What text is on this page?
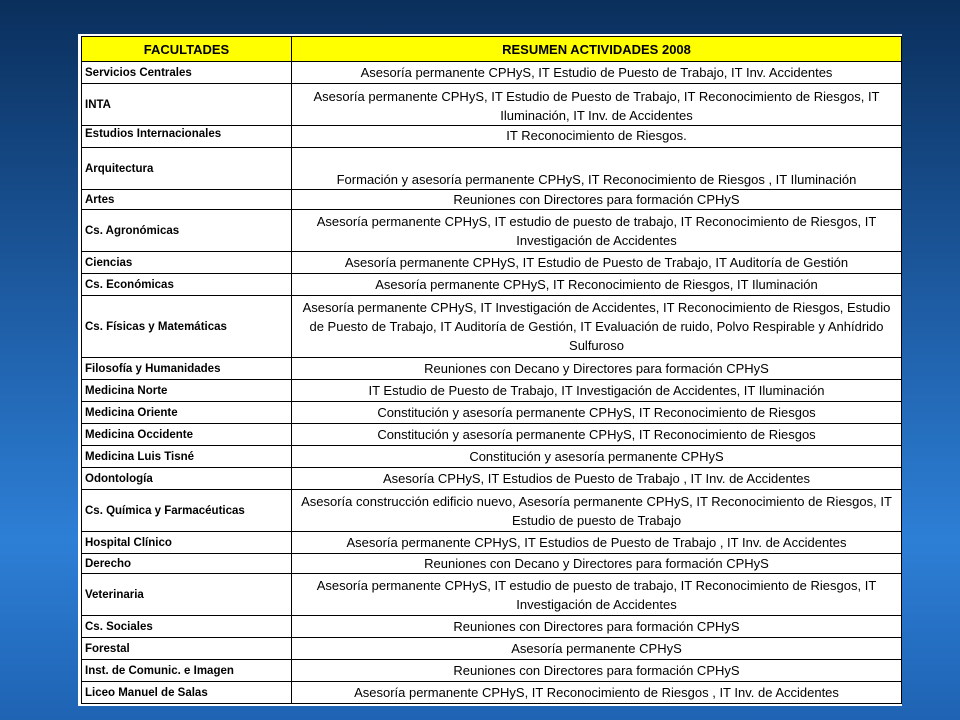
FACULTADES	RESUMEN ACTIVIDADES 2008
Servicios Centrales	Asesoría permanente CPHyS, IT Estudio de Puesto de Trabajo, IT Inv. Accidentes
INTA	Asesoría permanente CPHyS, IT Estudio de Puesto de Trabajo, IT Reconocimiento de Riesgos, IT Iluminación, IT Inv. de Accidentes
Estudios Internacionales	IT Reconocimiento de Riesgos.
Arquitectura	Formación y asesoría permanente CPHyS, IT Reconocimiento de Riesgos , IT Iluminación
Artes	Reuniones con Directores para formación CPHyS
Cs. Agronómicas	Asesoría permanente CPHyS, IT estudio de puesto de trabajo, IT Reconocimiento de Riesgos, IT Investigación de Accidentes
Ciencias	Asesoría permanente CPHyS, IT Estudio de Puesto de Trabajo, IT Auditoría de Gestión
Cs. Económicas	Asesoría permanente CPHyS, IT Reconocimiento de Riesgos, IT Iluminación
Cs. Físicas y Matemáticas	Asesoría permanente CPHyS, IT Investigación de Accidentes, IT Reconocimiento de Riesgos, Estudio de Puesto de Trabajo, IT Auditoría de Gestión, IT Evaluación de ruido, Polvo Respirable y Anhídrido Sulfuroso
Filosofía y Humanidades	Reuniones con Decano y Directores para formación CPHyS
Medicina Norte	IT Estudio de Puesto de Trabajo, IT Investigación de Accidentes, IT Iluminación
Medicina Oriente	Constitución y asesoría permanente CPHyS, IT Reconocimiento de Riesgos
Medicina Occidente	Constitución y asesoría permanente CPHyS, IT Reconocimiento de Riesgos
Medicina Luis Tisné	Constitución y asesoría permanente CPHyS
Odontología	Asesoría CPHyS, IT Estudios de Puesto de Trabajo , IT Inv. de Accidentes
Cs. Química y Farmacéuticas	Asesoría construcción edificio nuevo, Asesoría permanente CPHyS, IT Reconocimiento de Riesgos, IT Estudio de puesto de Trabajo
Hospital Clínico	Asesoría permanente CPHyS, IT Estudios de Puesto de Trabajo , IT Inv. de Accidentes
Derecho	Reuniones con Decano y Directores para formación CPHyS
Veterinaria	Asesoría permanente CPHyS, IT estudio de puesto de trabajo, IT Reconocimiento de Riesgos, IT Investigación de Accidentes
Cs. Sociales	Reuniones con Directores para formación CPHyS
Forestal	Asesoría permanente CPHyS
Inst. de Comunic. e Imagen	Reuniones con Directores para formación CPHyS
Liceo Manuel de Salas	Asesoría permanente CPHyS, IT Reconocimiento de Riesgos , IT Inv. de Accidentes
